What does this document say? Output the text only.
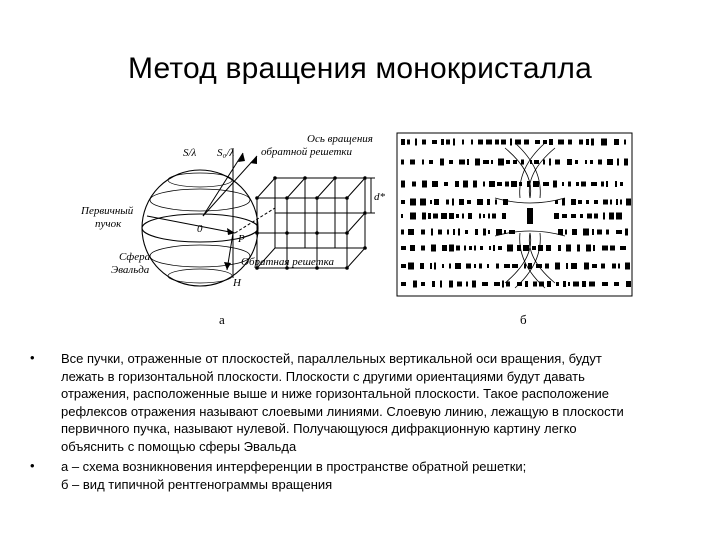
Метод вращения монокристалла
Ось вращения
обратной решетки
Первичный
пучок
Сфера
Эвальда
Обратная решетка
S/λ S₀/λ
0
P
H
d*
а	б
• Все пучки, отраженные от плоскостей, параллельных вертикальной оси вращения, будут
лежать в горизонтальной плоскости. Плоскости с другими ориентациями будут давать
отражения, расположенные выше и ниже горизонтальной плоскости. Такое расположение
рефлексов отражения называют слоевыми линиями. Слоевую линию, лежащую в плоскости
первичного пучка, называют нулевой. Получающуюся дифракционную картину легко
объяснить с помощью сферы Эвальда
• а – схема возникновения интерференции в пространстве обратной решетки;
б – вид типичной рентгенограммы вращения
